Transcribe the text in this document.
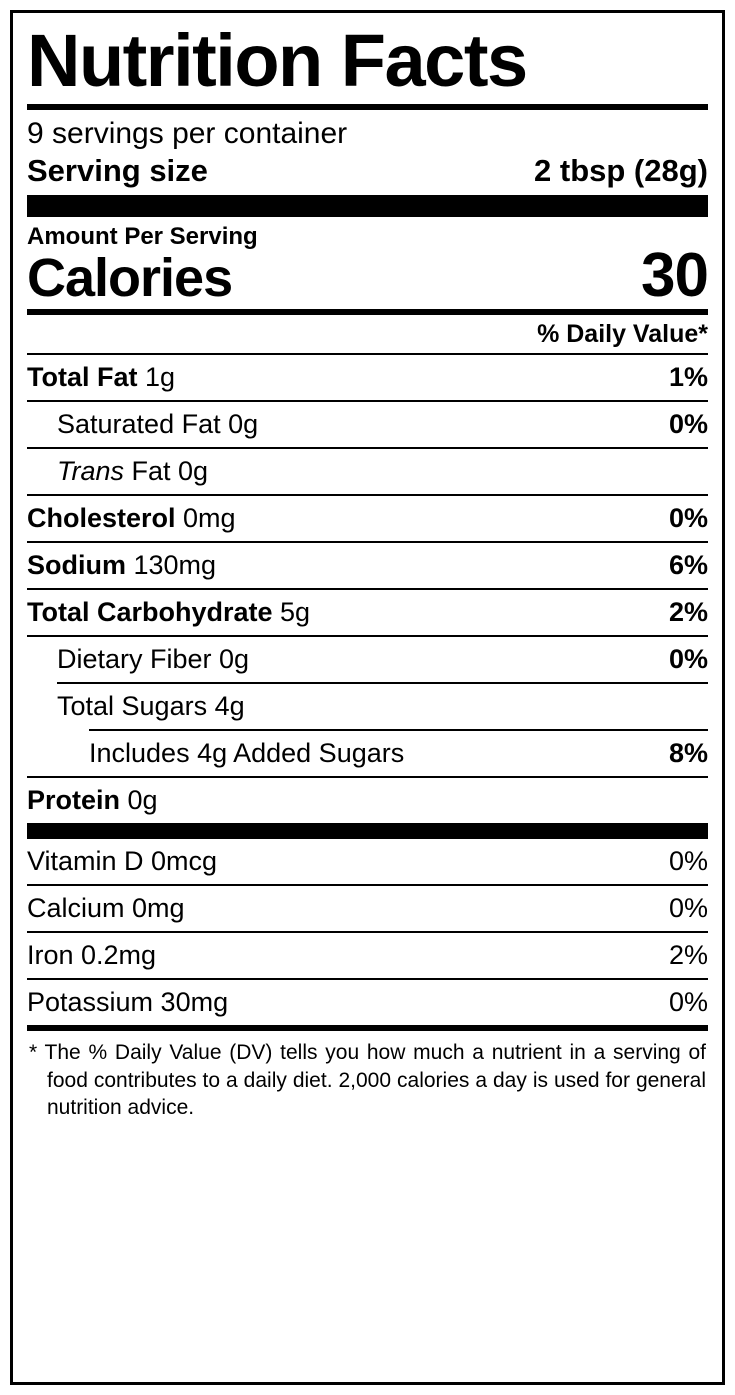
Nutrition Facts
9 servings per container
Serving size	2 tbsp (28g)
Amount Per Serving
Calories	30
% Daily Value*
Total Fat 1g	1%
Saturated Fat 0g	0%
Trans Fat 0g
Cholesterol 0mg	0%
Sodium 130mg	6%
Total Carbohydrate 5g	2%
Dietary Fiber 0g	0%
Total Sugars 4g
Includes 4g Added Sugars	8%
Protein 0g
Vitamin D 0mcg	0%
Calcium 0mg	0%
Iron 0.2mg	2%
Potassium 30mg	0%

* The % Daily Value (DV) tells you how much a nutrient in a serving of food contributes to a daily diet. 2,000 calories a day is used for general nutrition advice.
